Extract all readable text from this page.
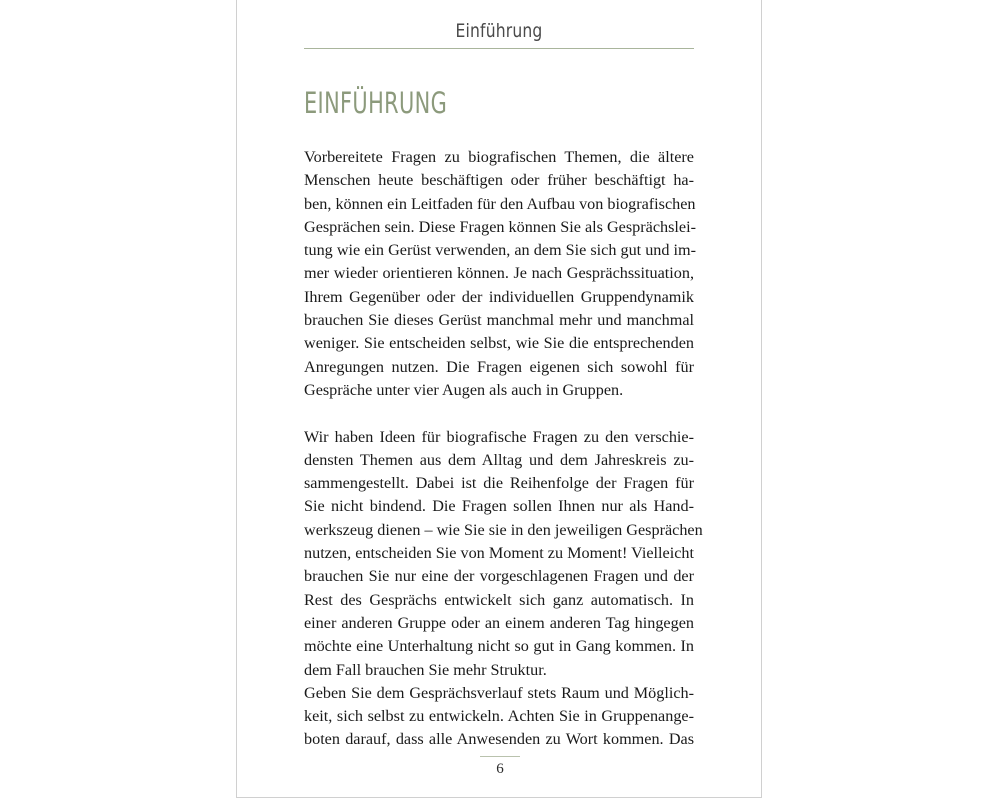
Einführung
EINFÜHRUNG
Vorbereitete Fragen zu biografischen Themen, die ältere
Menschen heute beschäftigen oder früher beschäftigt ha-
ben, können ein Leitfaden für den Aufbau von biografischen
Gesprächen sein. Diese Fragen können Sie als Gesprächslei-
tung wie ein Gerüst verwenden, an dem Sie sich gut und im-
mer wieder orientieren können. Je nach Gesprächssituation,
Ihrem Gegenüber oder der individuellen Gruppendynamik
brauchen Sie dieses Gerüst manchmal mehr und manchmal
weniger. Sie entscheiden selbst, wie Sie die entsprechenden
Anregungen nutzen. Die Fragen eigenen sich sowohl für
Gespräche unter vier Augen als auch in Gruppen.
Wir haben Ideen für biografische Fragen zu den verschie-
densten Themen aus dem Alltag und dem Jahreskreis zu-
sammengestellt. Dabei ist die Reihenfolge der Fragen für
Sie nicht bindend. Die Fragen sollen Ihnen nur als Hand-
werkszeug dienen – wie Sie sie in den jeweiligen Gesprächen
nutzen, entscheiden Sie von Moment zu Moment! Vielleicht
brauchen Sie nur eine der vorgeschlagenen Fragen und der
Rest des Gesprächs entwickelt sich ganz automatisch. In
einer anderen Gruppe oder an einem anderen Tag hingegen
möchte eine Unterhaltung nicht so gut in Gang kommen. In
dem Fall brauchen Sie mehr Struktur.
Geben Sie dem Gesprächsverlauf stets Raum und Möglich-
keit, sich selbst zu entwickeln. Achten Sie in Gruppenange-
boten darauf, dass alle Anwesenden zu Wort kommen. Das
6
